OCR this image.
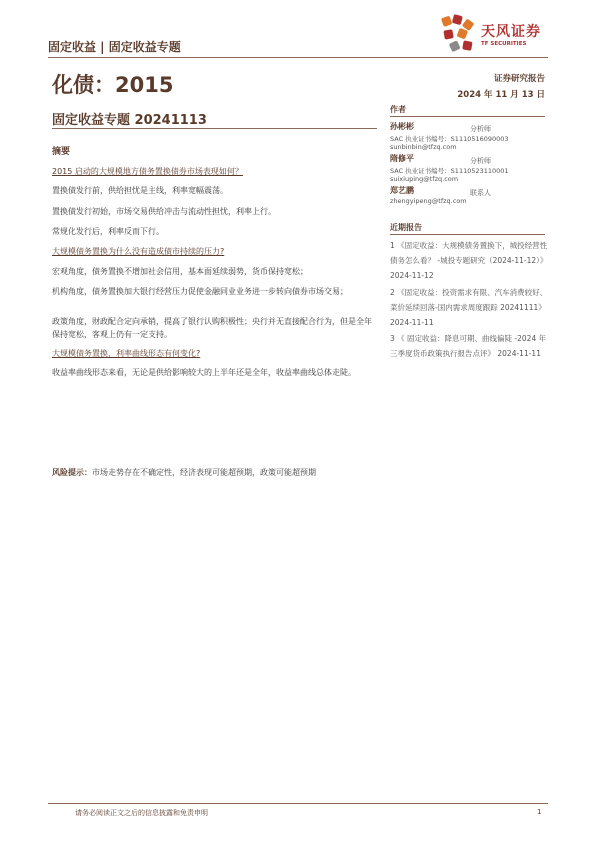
固定收益 | 固定收益专题
天风证券
TF SECURITIES
化债：2015	证券研究报告
2024 年 11 月 13 日
固定收益专题 20241113
摘要
2015 启动的大规模地方债务置换债券市场表现如何？
置换债发行前，供给担忧是主线，利率宽幅震荡。
置换债发行初始，市场交易供给冲击与流动性担忧，利率上行。
常规化发行后，利率反而下行。
大规模债务置换为什么没有造成债市持续的压力?
宏观角度，债务置换不增加社会信用，基本面延续弱势，货币保持宽松；
机构角度，债务置换加大银行经营压力促使金融同业业务进一步转向债券市场交易；
政策角度，财政配合定向承销，提高了银行认购积极性；央行并无直接配合行为，但是全年保持宽松，客观上仍有一定支持。
大规模债务置换，利率曲线形态有何变化?
收益率曲线形态来看，无论是供给影响较大的上半年还是全年，收益率曲线总体走陡。
风险提示：市场走势存在不确定性，经济表现可能超预期，政策可能超预期
作者
孙彬彬	分析师
SAC 执业证书编号：S1110516090003
sunbinbin@tfzq.com
隋修平	分析师
SAC 执业证书编号：S1110523110001
suixiuping@tfzq.com
郑艺鹏	联系人
zhengyipeng@tfzq.com
近期报告
1 《固定收益：大规模债务置换下，城投经营性债务怎么看？ -城投专题研究（2024-11-12）》 2024-11-12
2 《固定收益：投资需求有限、汽车消费较好、菜价延续回落-国内需求周度跟踪 20241111》 2024-11-11
3 《 固定收益：降息可期、曲线偏陡 -2024 年三季度货币政策执行报告点评》 2024-11-11
请务必阅读正文之后的信息披露和免责申明	1
